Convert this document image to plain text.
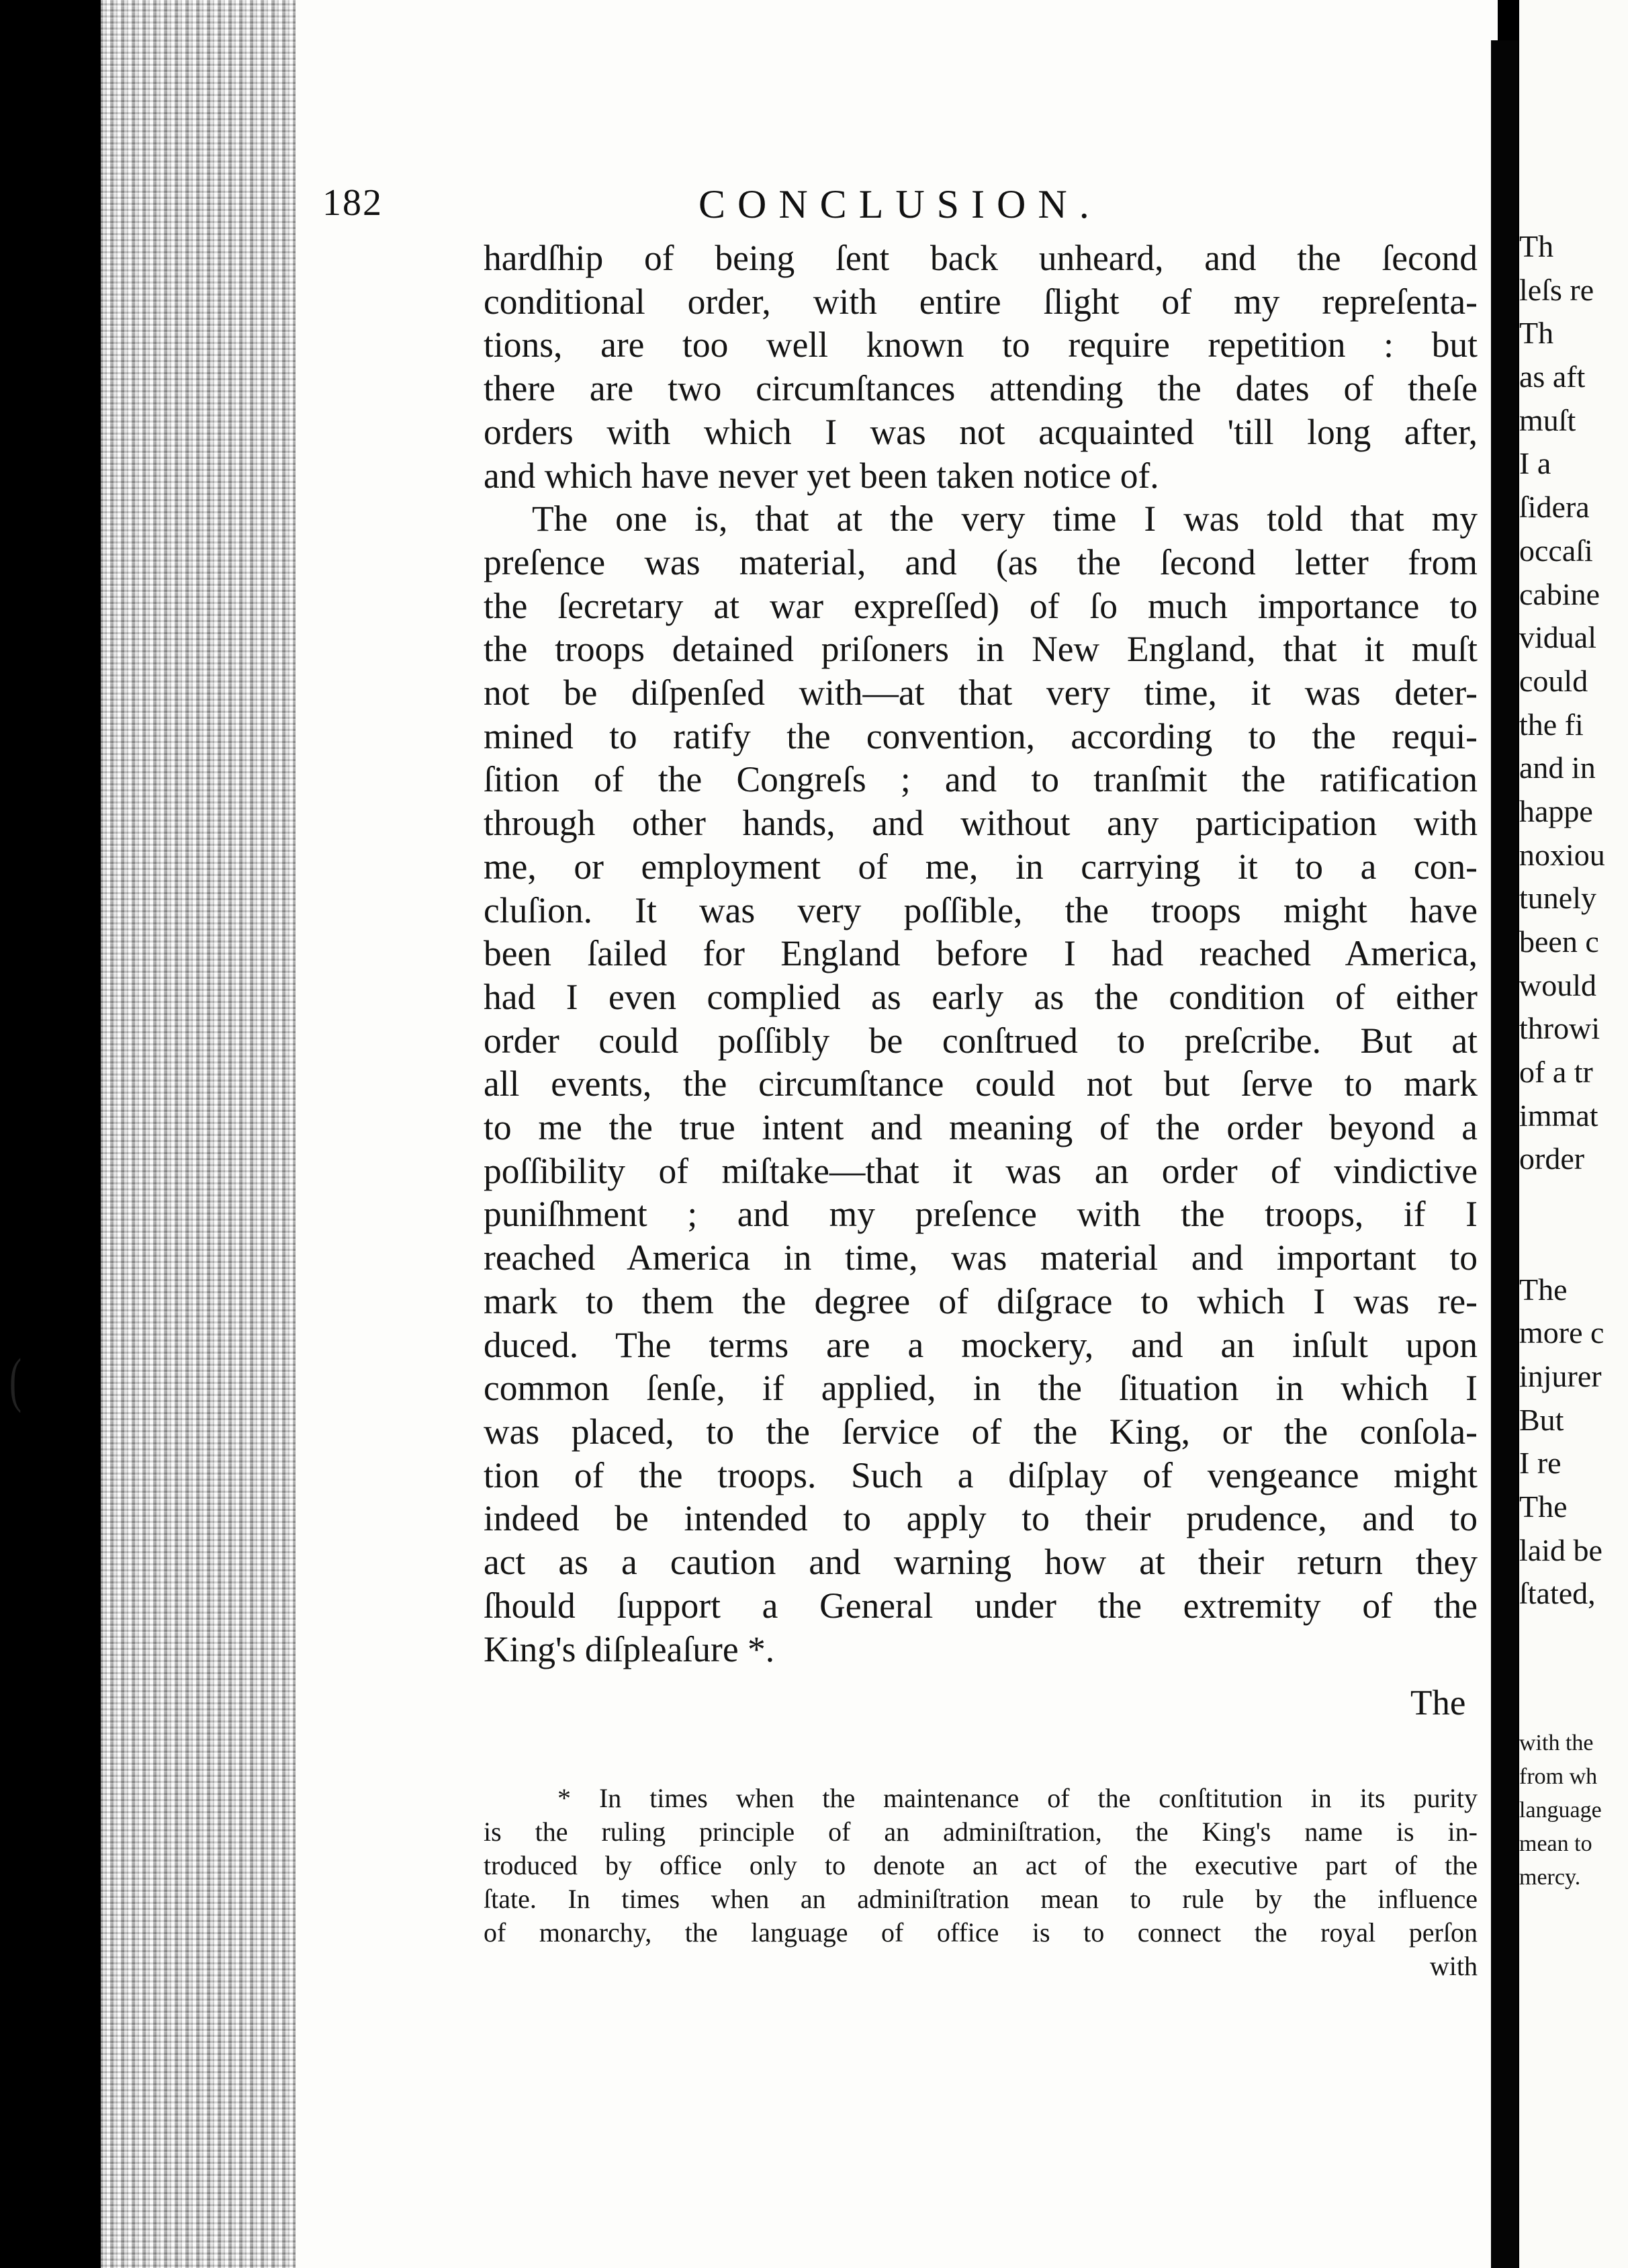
Th
leſs re
Th
as aft
muſt
I a
ſidera
occaſi
cabine
vidual
could
the fi
and in
happe
noxiou
tunely
been c
would
throwi
of a tr
immat
order
The
more c
injurer
But
I re
The
laid be
ſtated,
with the
from wh
language
mean to
mercy.
(
182	CONCLUSION.
hardſhip of being ſent back unheard, and the ſecond
conditional order, with entire ſlight of my repreſenta-
tions, are too well known to require repetition : but
there are two circumſtances attending the dates of theſe
orders with which I was not acquainted 'till long after,
and which have never yet been taken notice of.
The one is, that at the very time I was told that my
preſence was material, and (as the ſecond letter from
the ſecretary at war expreſſed) of ſo much importance to
the troops detained priſoners in New England, that it muſt
not be diſpenſed with—at that very time, it was deter-
mined to ratify the convention, according to the requi-
ſition of the Congreſs ; and to tranſmit the ratification
through other hands, and without any participation with
me, or employment of me, in carrying it to a con-
cluſion. It was very poſſible, the troops might have
been ſailed for England before I had reached America,
had I even complied as early as the condition of either
order could poſſibly be conſtrued to preſcribe. But at
all events, the circumſtance could not but ſerve to mark
to me the true intent and meaning of the order beyond a
poſſibility of miſtake—that it was an order of vindictive
puniſhment ; and my preſence with the troops, if I
reached America in time, was material and important to
mark to them the degree of diſgrace to which I was re-
duced. The terms are a mockery, and an inſult upon
common ſenſe, if applied, in the ſituation in which I
was placed, to the ſervice of the King, or the conſola-
tion of the troops. Such a diſplay of vengeance might
indeed be intended to apply to their prudence, and to
act as a caution and warning how at their return they
ſhould ſupport a General under the extremity of the
King's diſpleaſure *.
The
* In times when the maintenance of the conſtitution in its purity
is the ruling principle of an adminiſtration, the King's name is in-
troduced by office only to denote an act of the executive part of the
ſtate. In times when an adminiſtration mean to rule by the influence
of monarchy, the language of office is to connect the royal perſon
with
